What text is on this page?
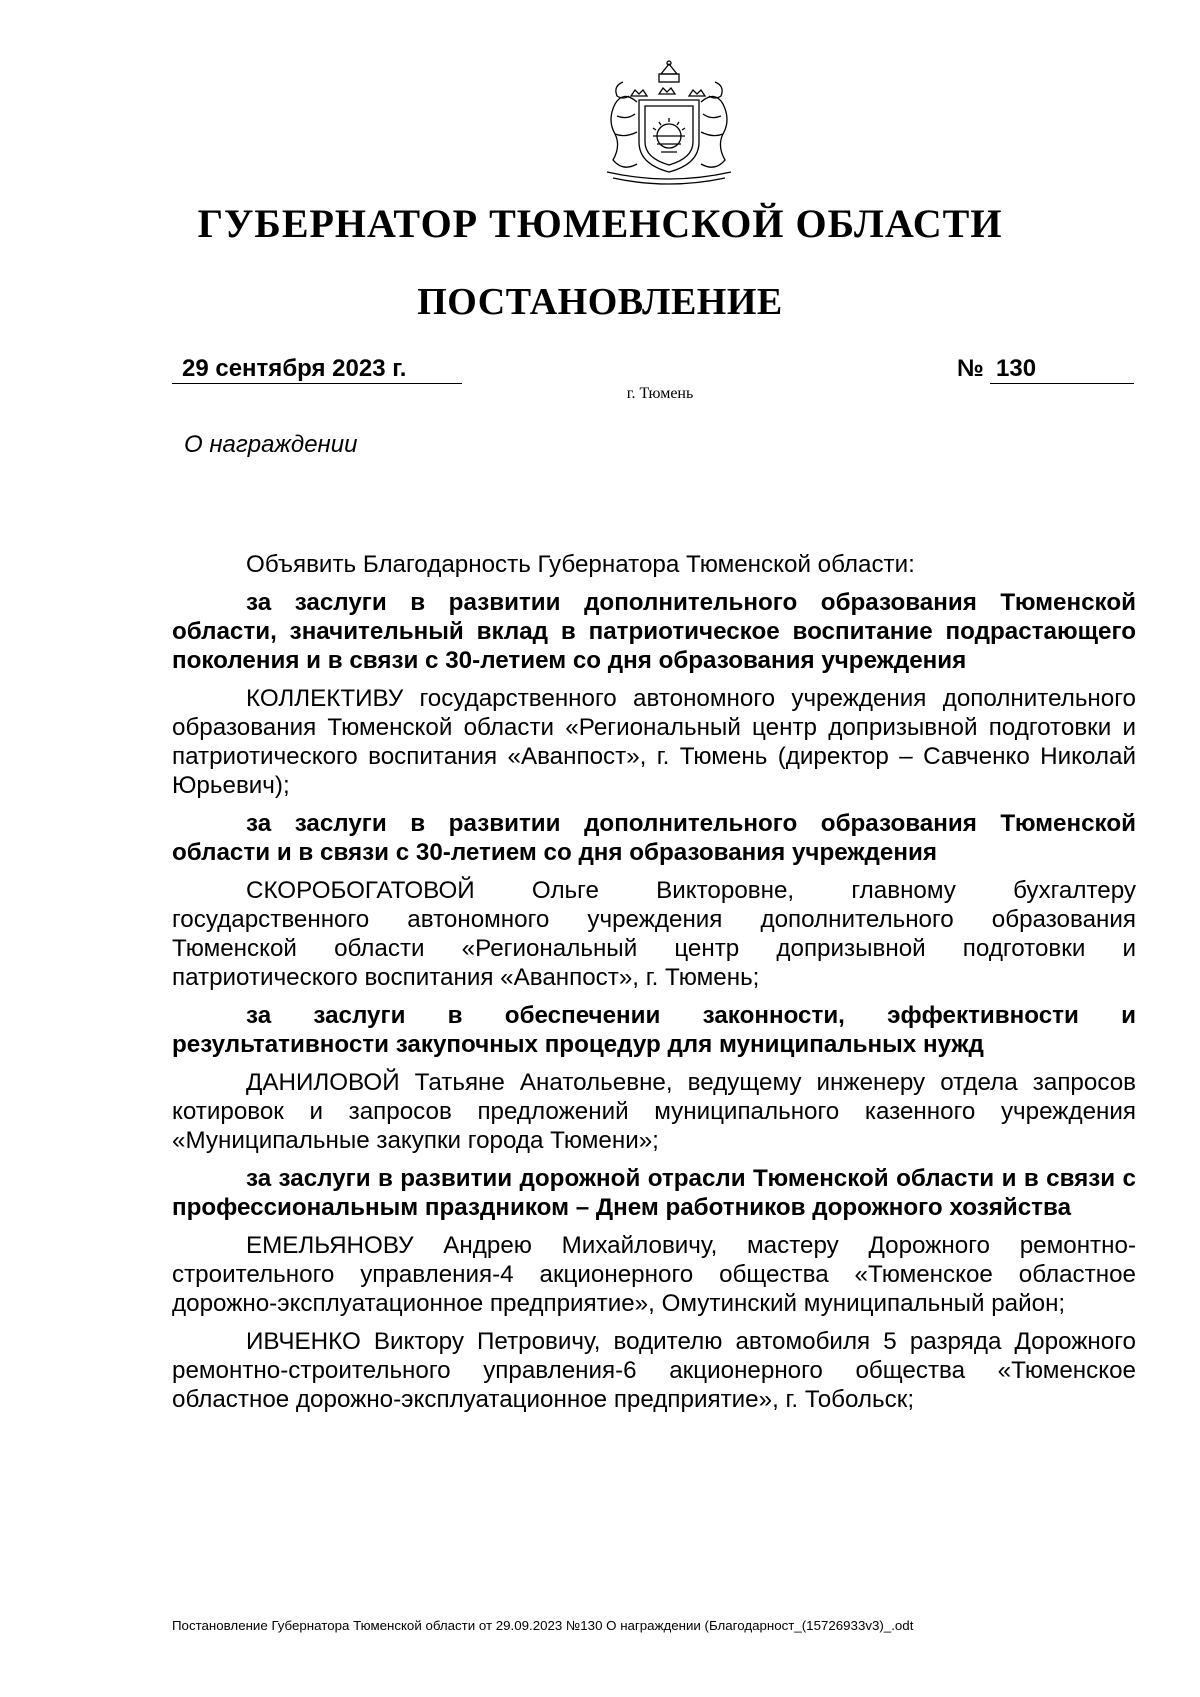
ГУБЕРНАТОР ТЮМЕНСКОЙ ОБЛАСТИ
ПОСТАНОВЛЕНИЕ
29 сентября 2023 г.	№ 130
г. Тюмень
О награждении

Объявить Благодарность Губернатора Тюменской области:

за заслуги в развитии дополнительного образования Тюменской области, значительный вклад в патриотическое воспитание подрастающего поколения и в связи с 30-летием со дня образования учреждения

КОЛЛЕКТИВУ государственного автономного учреждения дополнительного образования Тюменской области «Региональный центр допризывной подготовки и патриотического воспитания «Аванпост», г. Тюмень (директор – Савченко Николай Юрьевич);

за заслуги в развитии дополнительного образования Тюменской области и в связи с 30-летием со дня образования учреждения

СКОРОБОГАТОВОЙ Ольге Викторовне, главному бухгалтеру государственного автономного учреждения дополнительного образования Тюменской области «Региональный центр допризывной подготовки и патриотического воспитания «Аванпост», г. Тюмень;

за заслуги в обеспечении законности, эффективности и результативности закупочных процедур для муниципальных нужд

ДАНИЛОВОЙ Татьяне Анатольевне, ведущему инженеру отдела запросов котировок и запросов предложений муниципального казенного учреждения «Муниципальные закупки города Тюмени»;

за заслуги в развитии дорожной отрасли Тюменской области и в связи с профессиональным праздником – Днем работников дорожного хозяйства

ЕМЕЛЬЯНОВУ Андрею Михайловичу, мастеру Дорожного ремонтно-строительного управления-4 акционерного общества «Тюменское областное дорожно-эксплуатационное предприятие», Омутинский муниципальный район;

ИВЧЕНКО Виктору Петровичу, водителю автомобиля 5 разряда Дорожного ремонтно-строительного управления-6 акционерного общества «Тюменское областное дорожно-эксплуатационное предприятие», г. Тобольск;

Постановление Губернатора Тюменской области от 29.09.2023 №130 О награждении (Благодарност_(15726933v3)_.odt
